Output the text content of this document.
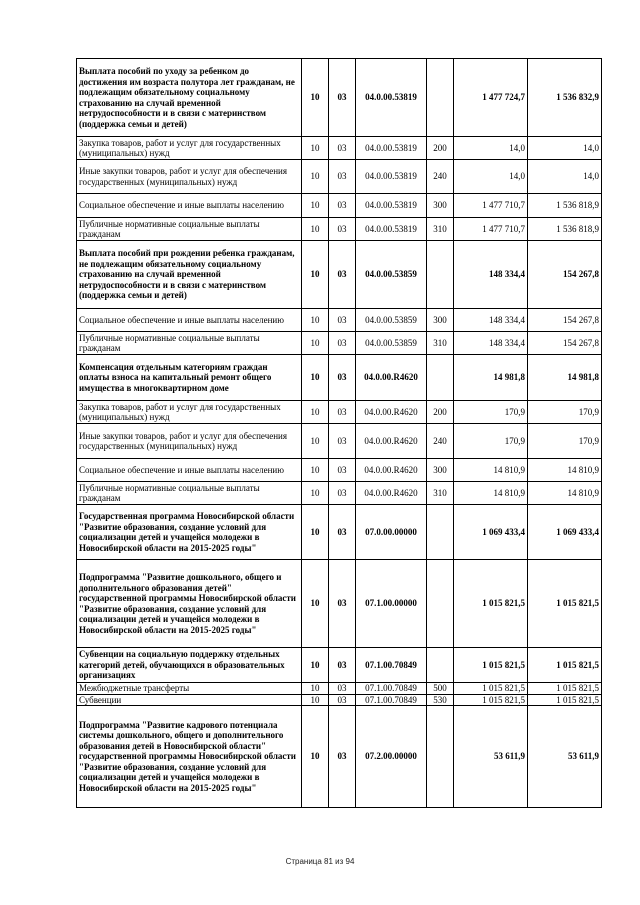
Выплата пособий по уходу за ребенком до достижения им возраста полутора лет гражданам, не подлежащим обязательному социальному страхованию на случай временной нетрудоспособности и в связи с материнством (поддержка семьи и детей)	10	03	04.0.00.53819		1 477 724,7	1 536 832,9
Закупка товаров, работ и услуг для государственных (муниципальных) нужд	10	03	04.0.00.53819	200	14,0	14,0
Иные закупки товаров, работ и услуг для обеспечения государственных (муниципальных) нужд	10	03	04.0.00.53819	240	14,0	14,0
Социальное обеспечение и иные выплаты населению	10	03	04.0.00.53819	300	1 477 710,7	1 536 818,9
Публичные нормативные социальные выплаты гражданам	10	03	04.0.00.53819	310	1 477 710,7	1 536 818,9
Выплата пособий при рождении ребенка гражданам, не подлежащим обязательному социальному страхованию на случай временной нетрудоспособности и в связи с материнством (поддержка семьи и детей)	10	03	04.0.00.53859		148 334,4	154 267,8
Социальное обеспечение и иные выплаты населению	10	03	04.0.00.53859	300	148 334,4	154 267,8
Публичные нормативные социальные выплаты гражданам	10	03	04.0.00.53859	310	148 334,4	154 267,8
Компенсация отдельным категориям граждан оплаты взноса на капитальный ремонт общего имущества в многоквартирном доме	10	03	04.0.00.R4620		14 981,8	14 981,8
Закупка товаров, работ и услуг для государственных (муниципальных) нужд	10	03	04.0.00.R4620	200	170,9	170,9
Иные закупки товаров, работ и услуг для обеспечения государственных (муниципальных) нужд	10	03	04.0.00.R4620	240	170,9	170,9
Социальное обеспечение и иные выплаты населению	10	03	04.0.00.R4620	300	14 810,9	14 810,9
Публичные нормативные социальные выплаты гражданам	10	03	04.0.00.R4620	310	14 810,9	14 810,9
Государственная программа Новосибирской области "Развитие образования, создание условий для социализации детей и учащейся молодежи в Новосибирской области на 2015-2025 годы"	10	03	07.0.00.00000		1 069 433,4	1 069 433,4
Подпрограмма "Развитие дошкольного, общего и дополнительного образования детей" государственной программы Новосибирской области "Развитие образования, создание условий для социализации детей и учащейся молодежи в Новосибирской области на 2015-2025 годы"	10	03	07.1.00.00000		1 015 821,5	1 015 821,5
Субвенции на социальную поддержку отдельных категорий детей, обучающихся в образовательных организациях	10	03	07.1.00.70849		1 015 821,5	1 015 821,5
Межбюджетные трансферты	10	03	07.1.00.70849	500	1 015 821,5	1 015 821,5
Субвенции	10	03	07.1.00.70849	530	1 015 821,5	1 015 821,5
Подпрограмма "Развитие кадрового потенциала системы дошкольного, общего и дополнительного образования детей в Новосибирской области" государственной программы Новосибирской области "Развитие образования, создание условий для социализации детей и учащейся молодежи в Новосибирской области на 2015-2025 годы"	10	03	07.2.00.00000		53 611,9	53 611,9
Страница 81 из 94
